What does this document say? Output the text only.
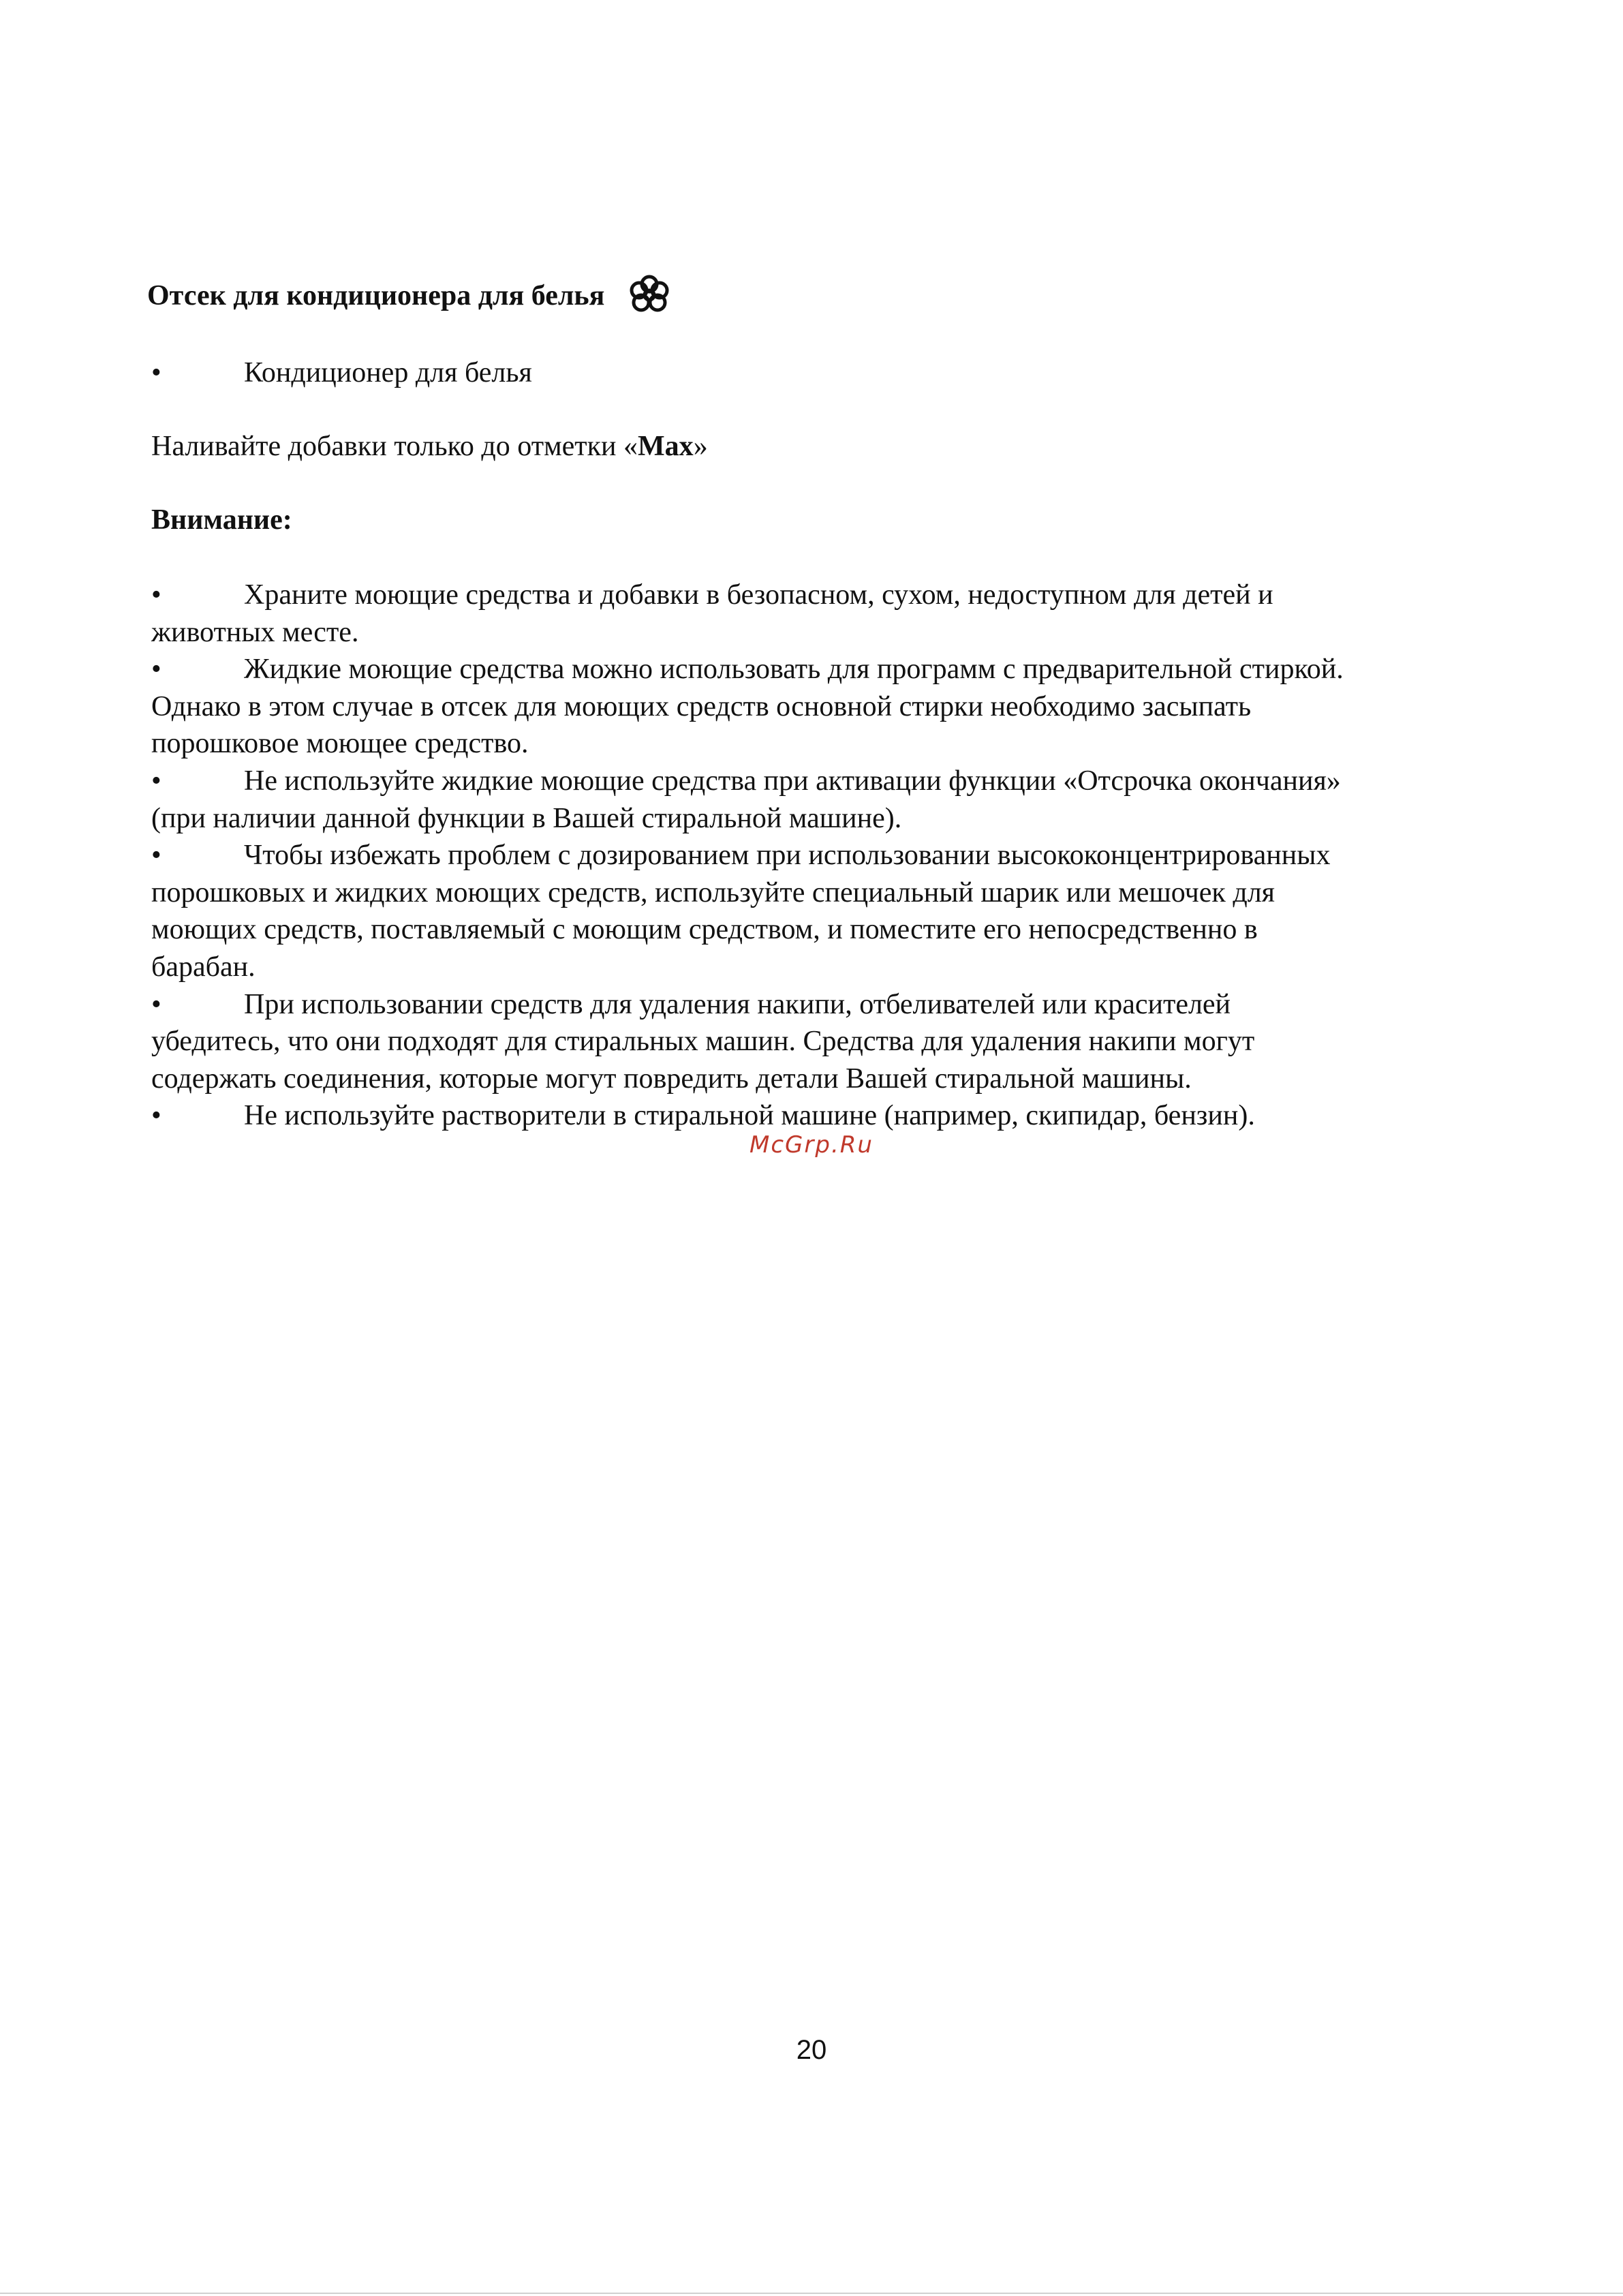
Отсек для кондиционера для белья
•	Кондиционер для белья
Наливайте добавки только до отметки «Max»
Внимание:
•	Храните моющие средства и добавки в безопасном, сухом, недоступном для детей и
животных месте.
•	Жидкие моющие средства можно использовать для программ с предварительной стиркой.
Однако в этом случае в отсек для моющих средств основной стирки необходимо засыпать
порошковое моющее средство.
•	Не используйте жидкие моющие средства при активации функции «Отсрочка окончания»
(при наличии данной функции в Вашей стиральной машине).
•	Чтобы избежать проблем с дозированием при использовании высококонцентрированных
порошковых и жидких моющих средств, используйте специальный шарик или мешочек для
моющих средств, поставляемый с моющим средством, и поместите его непосредственно в
барабан.
•	При использовании средств для удаления накипи, отбеливателей или красителей
убедитесь, что они подходят для стиральных машин. Средства для удаления накипи могут
содержать соединения, которые могут повредить детали Вашей стиральной машины.
•	Не используйте растворители в стиральной машине (например, скипидар, бензин).
McGrp.Ru
20
